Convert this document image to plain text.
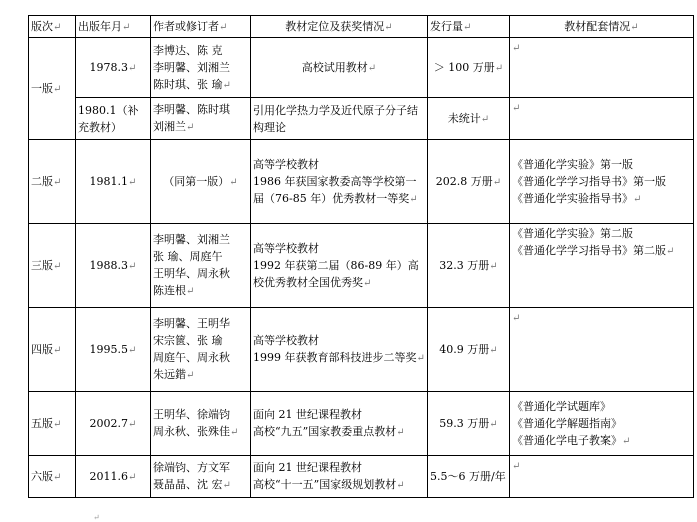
版次↵	出版年月↵	作者或修订者↵	教材定位及获奖情况↵	发行量↵	教材配套情况↵
一版↵	1978.3↵	李博达、陈 克
李明馨、刘湘兰
陈时琪、张 瑜↵	高校试用教材↵	＞ 100 万册↵	↵

	1980.1（补充教材）	李明馨、陈时琪
刘湘兰↵	引用化学热力学及近代原子分子结构理论	未统计↵	↵
二版↵	1981.1↵	（同第一版）↵	高等学校教材
1986 年获国家教委高等学校第一届（76-85 年）优秀教材一等奖↵	202.8 万册↵	《普通化学实验》第一版
《普通化学学习指导书》第一版
《普通化学实验指导书》↵

三版↵	1988.3↵	李明馨、刘湘兰
张 瑜、周庭午
王明华、周永秋
陈连根↵	高等学校教材
1992 年获第二届（86-89 年）高校优秀教材全国优秀奖↵	32.3 万册↵	《普通化学实验》第二版
《普通化学学习指导书》第二版↵

四版↵	1995.5↵	李明馨、王明华
宋宗篋、张 瑜
周庭午、周永秋
朱远鍇↵	高等学校教材
1999 年获教育部科技进步二等奖↵	40.9 万册↵	↵
五版↵	2002.7↵	王明华、徐端钧
周永秋、张殊佳↵	面向 21 世纪课程教材
高校“九五”国家教委重点教材↵	59.3 万册↵	《普通化学试题库》
《普通化学解题指南》
《普通化学电子教案》↵

六版↵	2011.6↵	徐端钧、方文军
聂晶晶、沈 宏↵	面向 21 世纪课程教材
高校“十一五”国家级规划教材↵	5.5～6 万册/年	↵
↵
